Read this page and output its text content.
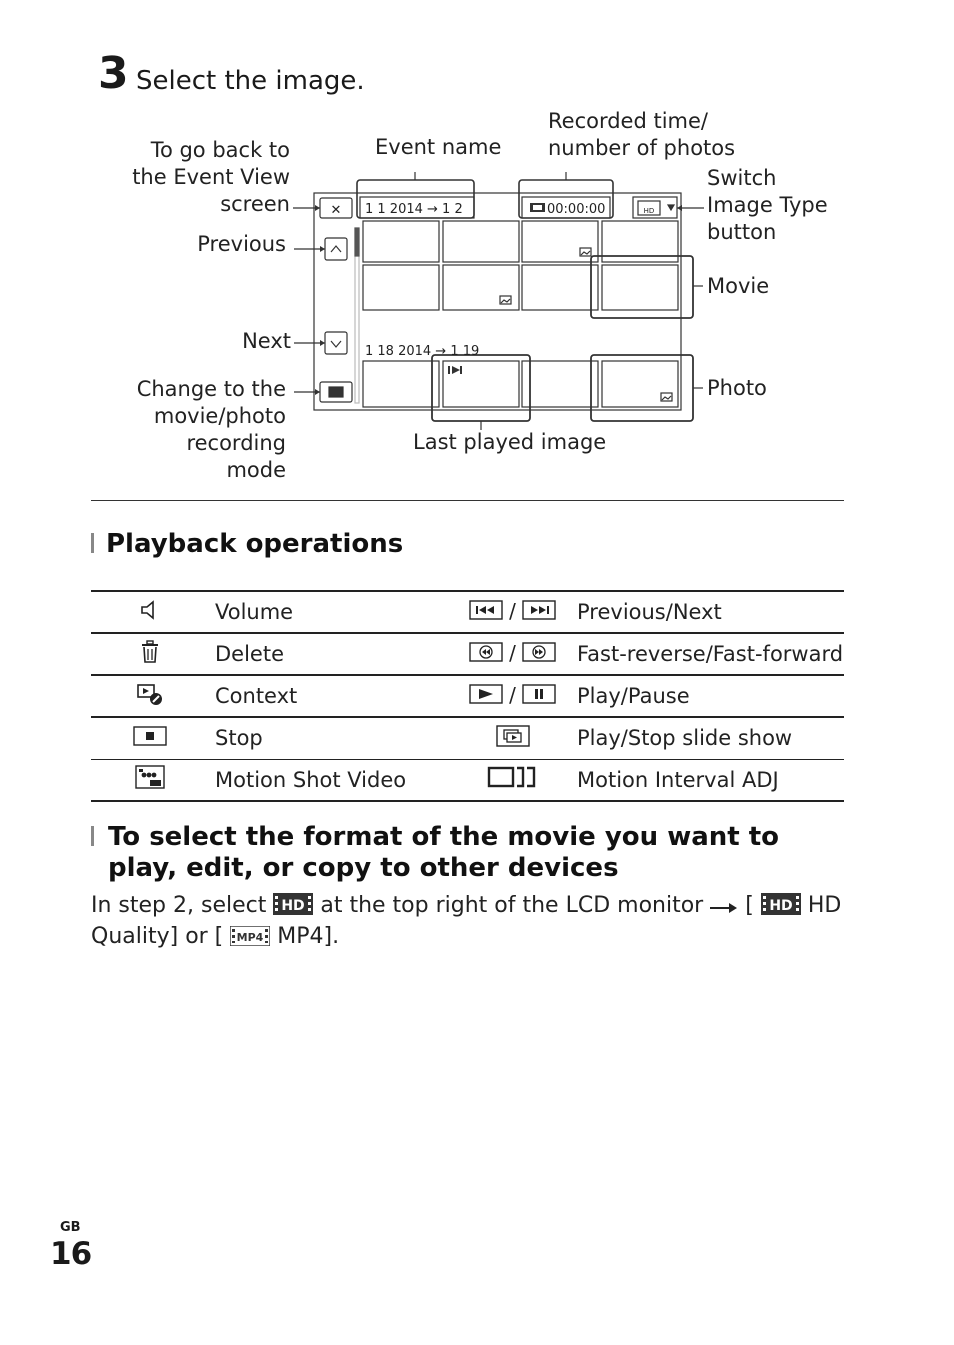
3 Select the image.
To go back to
the Event View
screen
Previous
Next
Change to the
movie/photo
recording
mode
Event name
Recorded time/
number of photos
Switch
Image Type
button
Movie
Photo
Last played image
✕ 1 1 2014 → 1 2	00:00:00
1 18 2014 → 1 19
HD
Playback operations
	Volume	/	Previous/Next
	Delete	/	Fast-reverse/Fast-forward
	Context	/	Play/Pause
	Stop		Play/Stop slide show
	Motion Shot Video		Motion Interval ADJ
To select the format of the movie you want to play, edit, or copy to other devices
In step 2, select HD at the top right of the LCD monitor [ HD HD Quality] or [ MP4 MP4].
GB
16
